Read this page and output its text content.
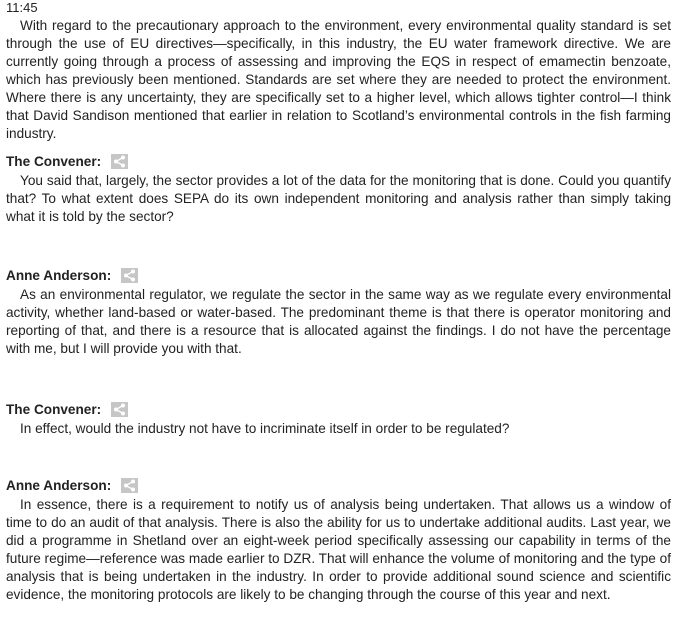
11:45

With regard to the precautionary approach to the environment, every environmental quality standard is set through the use of EU directives—specifically, in this industry, the EU water framework directive. We are currently going through a process of assessing and improving the EQS in respect of emamectin benzoate, which has previously been mentioned. Standards are set where they are needed to protect the environment. Where there is any uncertainty, they are specifically set to a higher level, which allows tighter control—I think that David Sandison mentioned that earlier in relation to Scotland’s environmental controls in the fish farming industry.

The Convener:

You said that, largely, the sector provides a lot of the data for the monitoring that is done. Could you quantify that? To what extent does SEPA do its own independent monitoring and analysis rather than simply taking what it is told by the sector?

Anne Anderson:

As an environmental regulator, we regulate the sector in the same way as we regulate every environmental activity, whether land-based or water-based. The predominant theme is that there is operator monitoring and reporting of that, and there is a resource that is allocated against the findings. I do not have the percentage with me, but I will provide you with that.

The Convener:

In effect, would the industry not have to incriminate itself in order to be regulated?

Anne Anderson:

In essence, there is a requirement to notify us of analysis being undertaken. That allows us a window of time to do an audit of that analysis. There is also the ability for us to undertake additional audits. Last year, we did a programme in Shetland over an eight-week period specifically assessing our capability in terms of the future regime—reference was made earlier to DZR. That will enhance the volume of monitoring and the type of analysis that is being undertaken in the industry. In order to provide additional sound science and scientific evidence, the monitoring protocols are likely to be changing through the course of this year and next.
